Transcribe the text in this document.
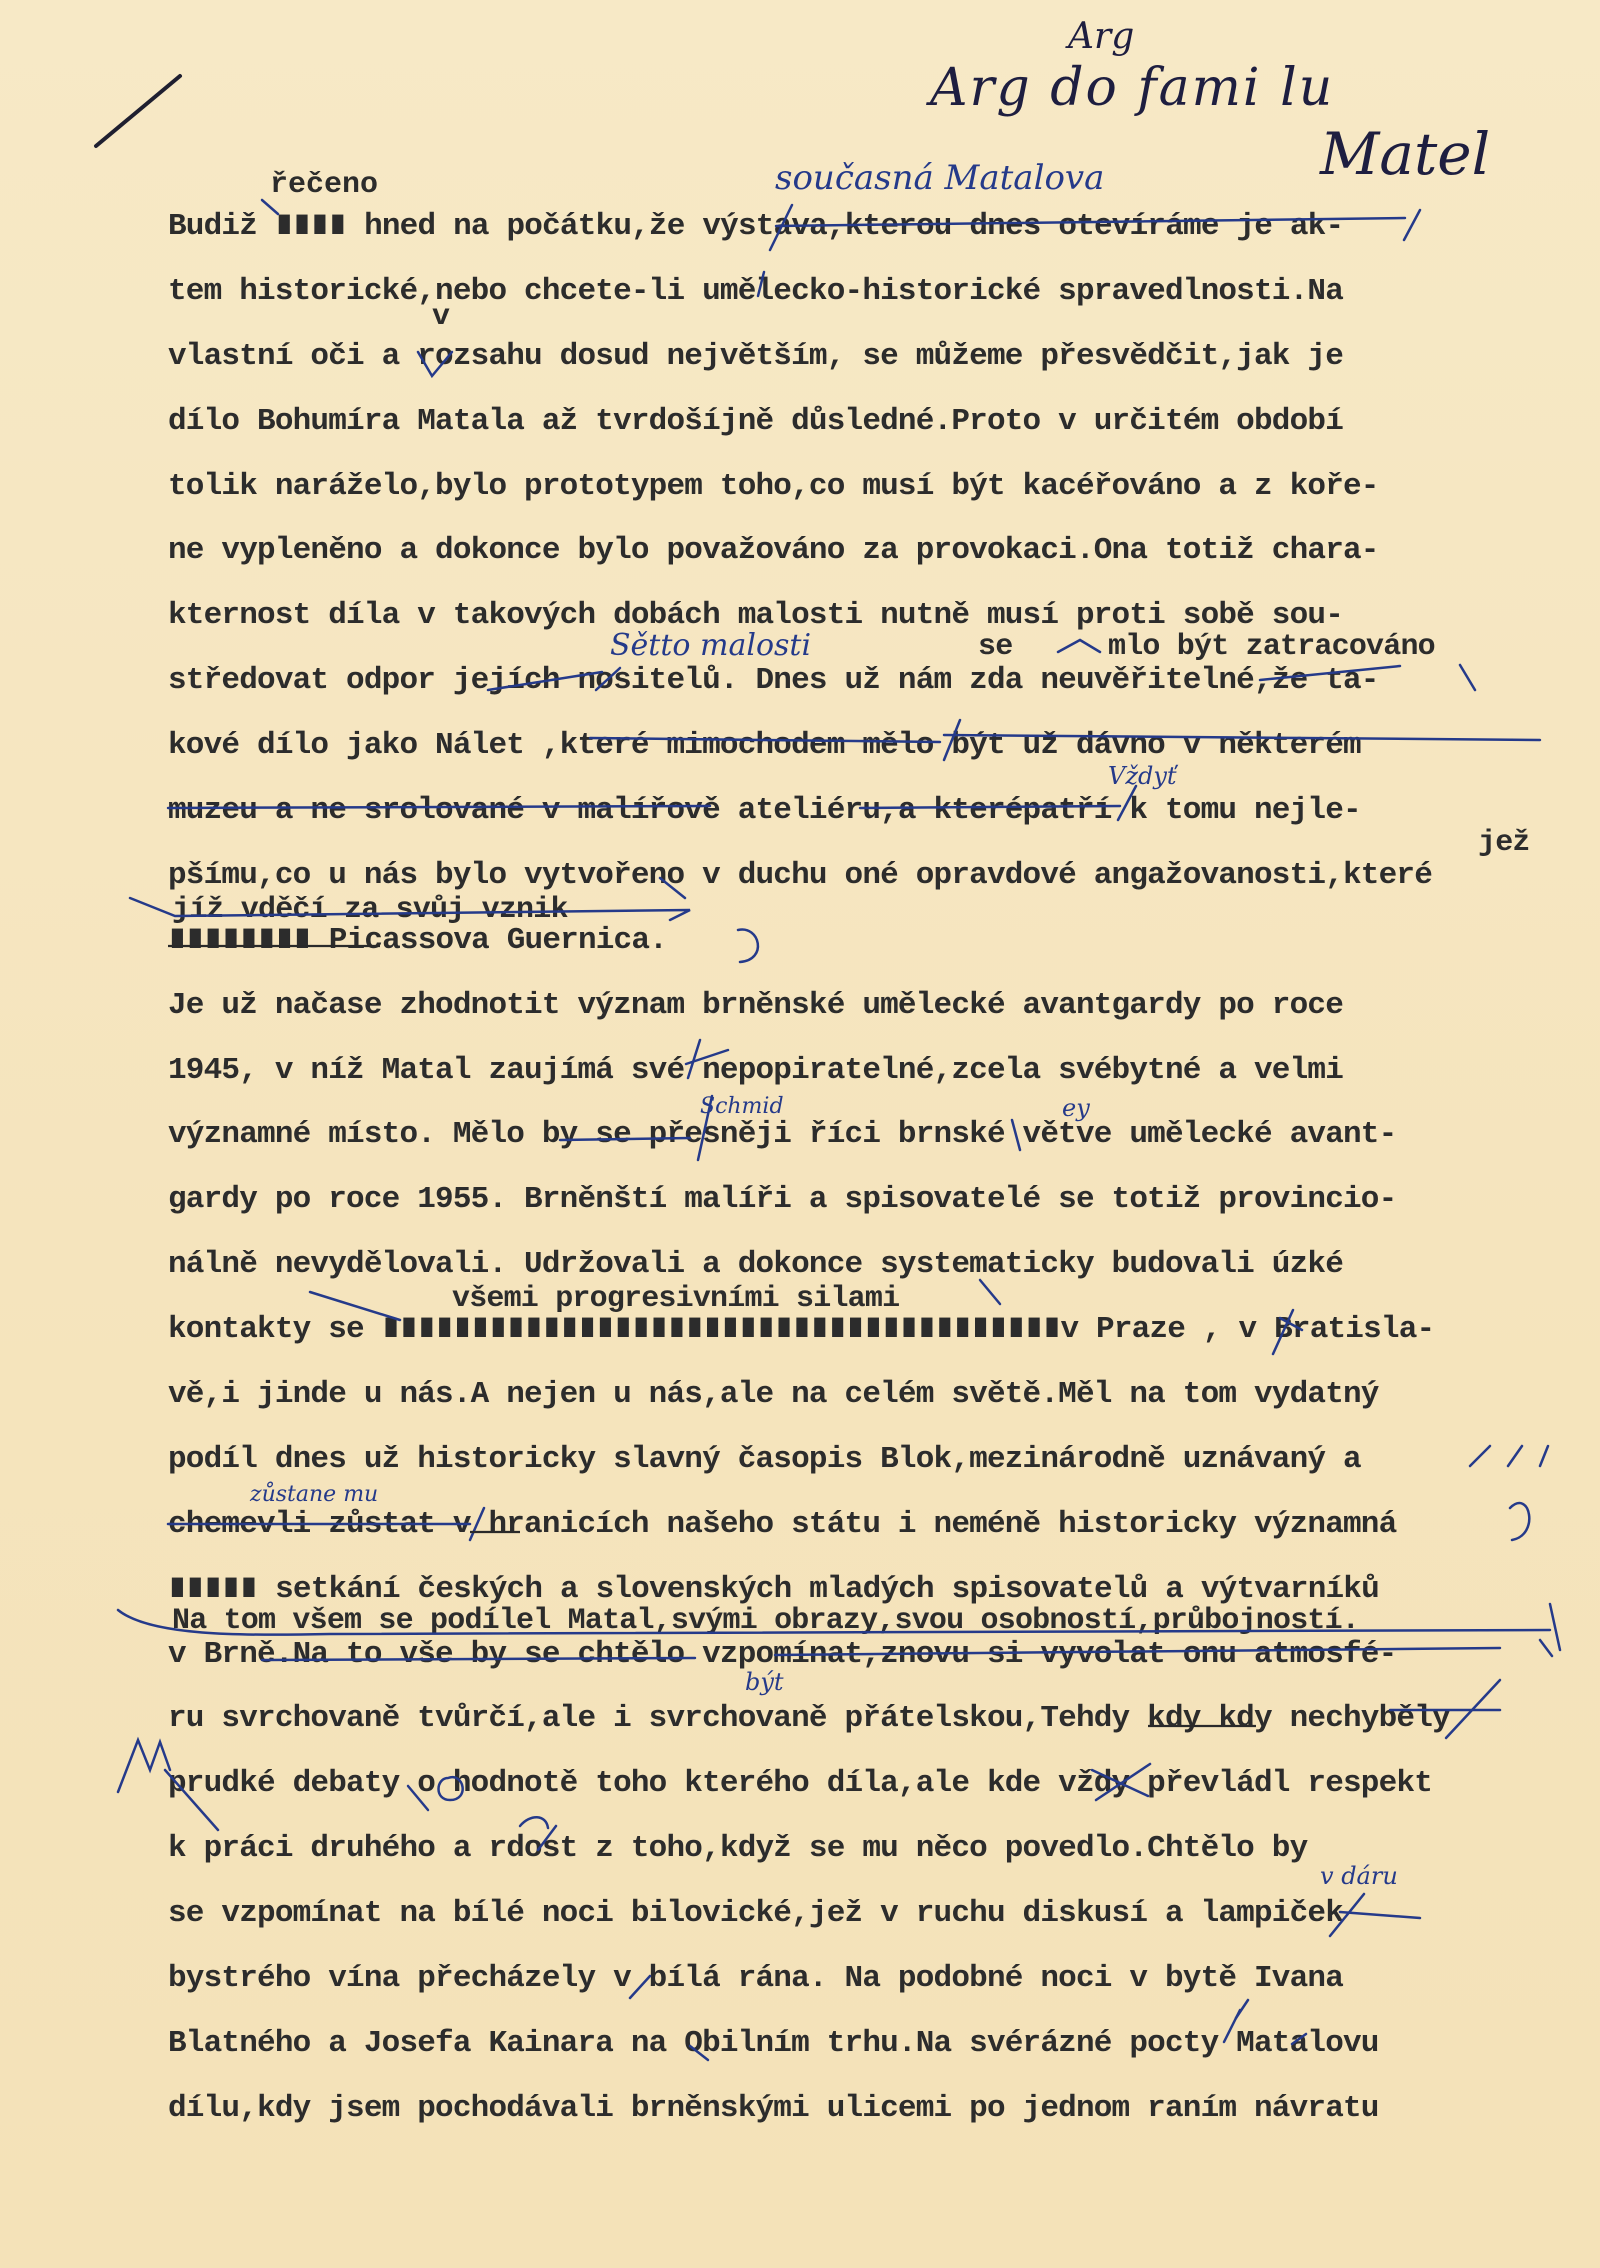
Arg
Arg do fami lu
Matel
řečeno	současná Matalova
v
Sětto malosti	se	mlo být zatracováno
Vždyť
jež
jíž vděčí za svůj vznik
Schmid	ey
všemi progresivními silami
zůstane mu
Na tom všem se podílel Matal,svými obrazy,svou osobností,průbojností.
být
v dáru
Budiž ∎∎∎∎ hned na počátku,že výstava,kterou dnes otevíráme je ak-
tem historické,nebo chcete-li umělecko-historické spravedlnosti.Na
vlastní oči a rozsahu dosud největším, se můžeme přesvědčit,jak je
dílo Bohumíra Matala až tvrdošíjně důsledné.Proto v určitém období
tolik naráželo,bylo prototypem toho,co musí být kacéřováno a z kořе-
ne vypleněno a dokonce bylo považováno za provokaci.Ona totiž chara-
kternost díla v takových dobách malosti nutně musí proti sobě sou-
středovat odpor jejích nositelů. Dnes už nám zda neuvěřitelné,že ta-
kové dílo jako Nálet ,které mimochodem mělo být už dávno v některém
muzeu a ne srolované v malířově ateliéru,a kterépatří k tomu nejle-
pšímu,co u nás bylo vytvořeno v duchu oné opravdové angažovanosti,které
∎∎∎∎∎∎∎∎ Picassova Guernica.
Je už načase zhodnotit význam brněnské umělecké avantgardy po roce
1945, v níž Matal zaujímá své nepopiratelné,zcela svébytné a velmi
významné místo. Mělo by se přesněji říci brnské větve umělecké avant-
gardy po roce 1955. Brněnští malíři a spisovatelé se totiž provincio-
nálně nevydělovali. Udržovali a dokonce systematicky budovali úzké
kontakty se ∎∎∎∎∎∎∎∎∎∎∎∎∎∎∎∎∎∎∎∎∎∎∎∎∎∎∎∎∎∎∎∎∎∎∎∎∎∎v Praze , v Bratisla-
vě,i jinde u nás.A nejen u nás,ale na celém světě.Měl na tom vydatný
podíl dnes už historicky slavný časopis Blok,mezinárodně uznávaný a
chemevli zůstat v hranicích našeho státu i neméně historicky významná
∎∎∎∎∎ setkání českých a slovenských mladých spisovatelů a výtvarníků
v Brně.Na to vše by se chtělo vzpomínat,znovu si vyvolat onu atmosfé-
ru svrchovaně tvůrčí,ale i svrchovaně přátelskou,Tehdy kdy kdy nechyběly
prudké debaty o hodnotě toho kterého díla,ale kde vždy převládl respekt
k práci druhého a rdost z toho,když se mu něco povedlo.Chtělo by
se vzpomínat na bílé noci bilovické,jež v ruchu diskusí a lampiček
bystrého vína přecházely v bílá rána. Na podobné noci v bytě Ivana
Blatného a Josefa Kainara na Obilním trhu.Na svérázné pocty Matalovu
dílu,kdy jsem pochodávali brněnskými ulicemi po jednom raním návratu
